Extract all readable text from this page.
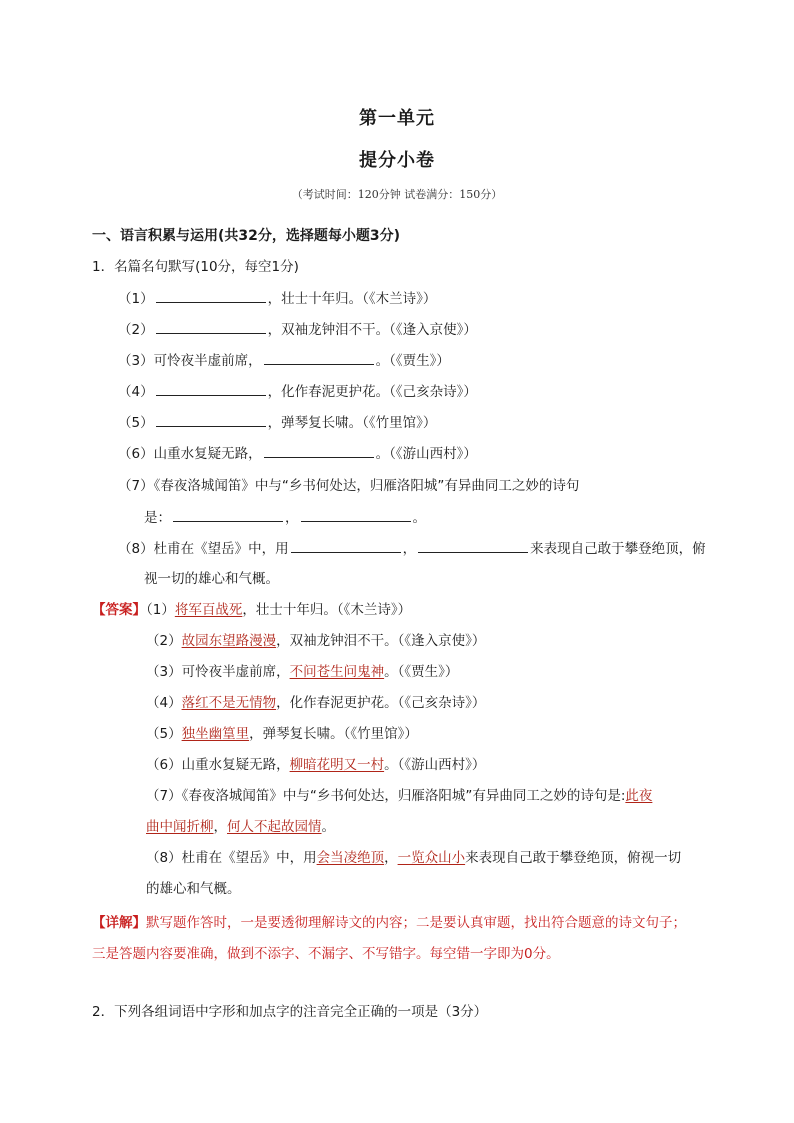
第一单元
提分小卷
（考试时间：120分钟 试卷满分：150分）
一、语言积累与运用(共32分，选择题每小题3分)
1．名篇名句默写(10分，每空1分)
（1）	，壮士十年归。（《木兰诗》）
（2）	，双袖龙钟泪不干。（《逢入京使》）
（3）可怜夜半虚前席，	。（《贾生》）
（4）	，化作春泥更护花。（《己亥杂诗》）
（5）	，弹琴复长啸。（《竹里馆》）
（6）山重水复疑无路，	。（《游山西村》）
（7）《春夜洛城闻笛》中与“乡书何处达，归雁洛阳城”有异曲同工之妙的诗句
是：	，	。
（8）杜甫在《望岳》中，用	，	来表现自己敢于攀登绝顶，俯
视一切的雄心和气概。
【答案】（1）将军百战死，壮士十年归。（《木兰诗》）
（2）故园东望路漫漫，双袖龙钟泪不干。（《逢入京使》）
（3）可怜夜半虚前席，不问苍生问鬼神。（《贾生》）
（4）落红不是无情物，化作春泥更护花。（《己亥杂诗》）
（5）独坐幽篁里，弹琴复长啸。（《竹里馆》）
（6）山重水复疑无路，柳暗花明又一村。（《游山西村》）
（7）《春夜洛城闻笛》中与“乡书何处达，归雁洛阳城”有异曲同工之妙的诗句是:此夜
曲中闻折柳，何人不起故园情。
（8）杜甫在《望岳》中，用会当凌绝顶，一览众山小来表现自己敢于攀登绝顶，俯视一切
的雄心和气概。
【详解】默写题作答时，一是要透彻理解诗文的内容；二是要认真审题，找出符合题意的诗文句子；
三是答题内容要准确，做到不添字、不漏字、不写错字。每空错一字即为0分。
2．下列各组词语中字形和加点字的注音完全正确的一项是（3分）
